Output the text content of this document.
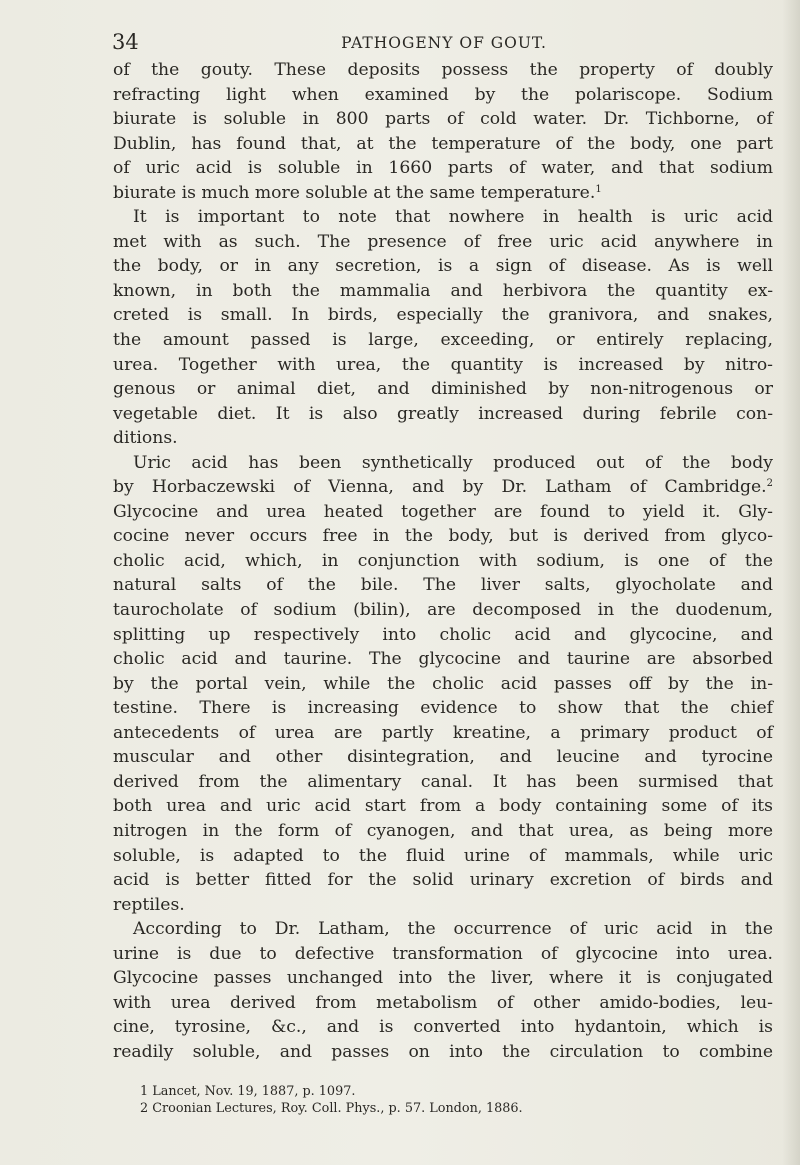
34	PATHOGENY OF GOUT.
of the gouty. These deposits possess the property of doubly
refracting light when examined by the polariscope. Sodium
biurate is soluble in 800 parts of cold water. Dr. Tichborne, of
Dublin, has found that, at the temperature of the body, one part
of uric acid is soluble in 1660 parts of water, and that sodium
biurate is much more soluble at the same temperature.$^1$
It is important to note that nowhere in health is uric acid
met with as such. The presence of free uric acid anywhere in
the body, or in any secretion, is a sign of disease. As is well
known, in both the mammalia and herbivora the quantity ex-
creted is small. In birds, especially the granivora, and snakes,
the amount passed is large, exceeding, or entirely replacing,
urea. Together with urea, the quantity is increased by nitro-
genous or animal diet, and diminished by non-nitrogenous or
vegetable diet. It is also greatly increased during febrile con-
ditions.
Uric acid has been synthetically produced out of the body
by Horbaczewski of Vienna, and by Dr. Latham of Cambridge.$^2$
Glycocine and urea heated together are found to yield it. Gly-
cocine never occurs free in the body, but is derived from glyco-
cholic acid, which, in conjunction with sodium, is one of the
natural salts of the bile. The liver salts, glyocholate and
taurocholate of sodium (bilin), are decomposed in the duodenum,
splitting up respectively into cholic acid and glycocine, and
cholic acid and taurine. The glycocine and taurine are absorbed
by the portal vein, while the cholic acid passes off by the in-
testine. There is increasing evidence to show that the chief
antecedents of urea are partly kreatine, a primary product of
muscular and other disintegration, and leucine and tyrocine
derived from the alimentary canal. It has been surmised that
both urea and uric acid start from a body containing some of its
nitrogen in the form of cyanogen, and that urea, as being more
soluble, is adapted to the fluid urine of mammals, while uric
acid is better fitted for the solid urinary excretion of birds and
reptiles.
According to Dr. Latham, the occurrence of uric acid in the
urine is due to defective transformation of glycocine into urea.
Glycocine passes unchanged into the liver, where it is conjugated
with urea derived from metabolism of other amido-bodies, leu-
cine, tyrosine, &c., and is converted into hydantoin, which is
readily soluble, and passes on into the circulation to combine
1 Lancet, Nov. 19, 1887, p. 1097.
2 Croonian Lectures, Roy. Coll. Phys., p. 57. London, 1886.
